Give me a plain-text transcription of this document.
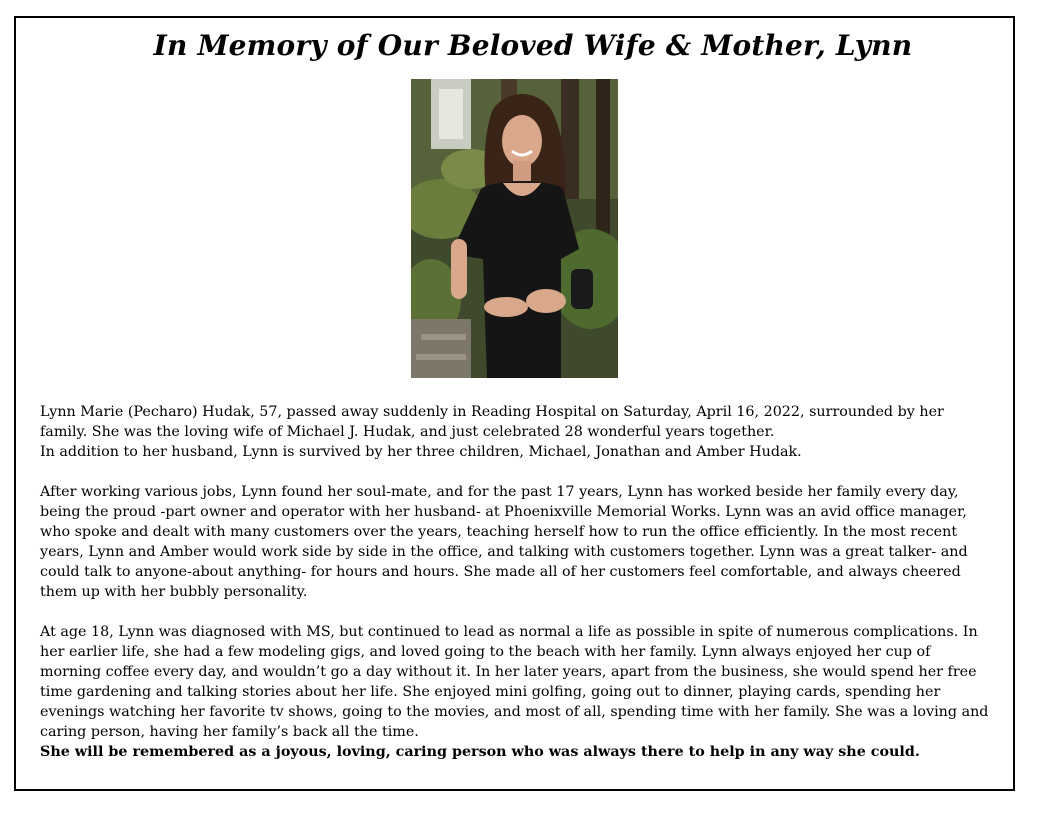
In Memory of Our Beloved Wife & Mother, Lynn

Lynn Marie (Pecharo) Hudak, 57, passed away suddenly in Reading Hospital on Saturday, April 16, 2022, surrounded by her family. She was the loving wife of Michael J. Hudak, and just celebrated 28 wonderful years together.

In addition to her husband, Lynn is survived by her three children, Michael, Jonathan and Amber Hudak.

After working various jobs, Lynn found her soul-mate, and for the past 17 years, Lynn has worked beside her family every day, being the proud -part owner and operator with her husband- at Phoenixville Memorial Works. Lynn was an avid office manager, who spoke and dealt with many customers over the years, teaching herself how to run the office efficiently. In the most recent years, Lynn and Amber would work side by side in the office, and talking with customers together. Lynn was a great talker- and could talk to anyone-about anything- for hours and hours. She made all of her customers feel comfortable, and always cheered them up with her bubbly personality.

At age 18, Lynn was diagnosed with MS, but continued to lead as normal a life as possible in spite of numerous complications. In her earlier life, she had a few modeling gigs, and loved going to the beach with her family. Lynn always enjoyed her cup of morning coffee every day, and wouldn’t go a day without it. In her later years, apart from the business, she would spend her free time gardening and talking stories about her life. She enjoyed mini golfing, going out to dinner, playing cards, spending her evenings watching her favorite tv shows, going to the movies, and most of all, spending time with her family. She was a loving and caring person, having her family’s back all the time.

She will be remembered as a joyous, loving, caring person who was always there to help in any way she could.
